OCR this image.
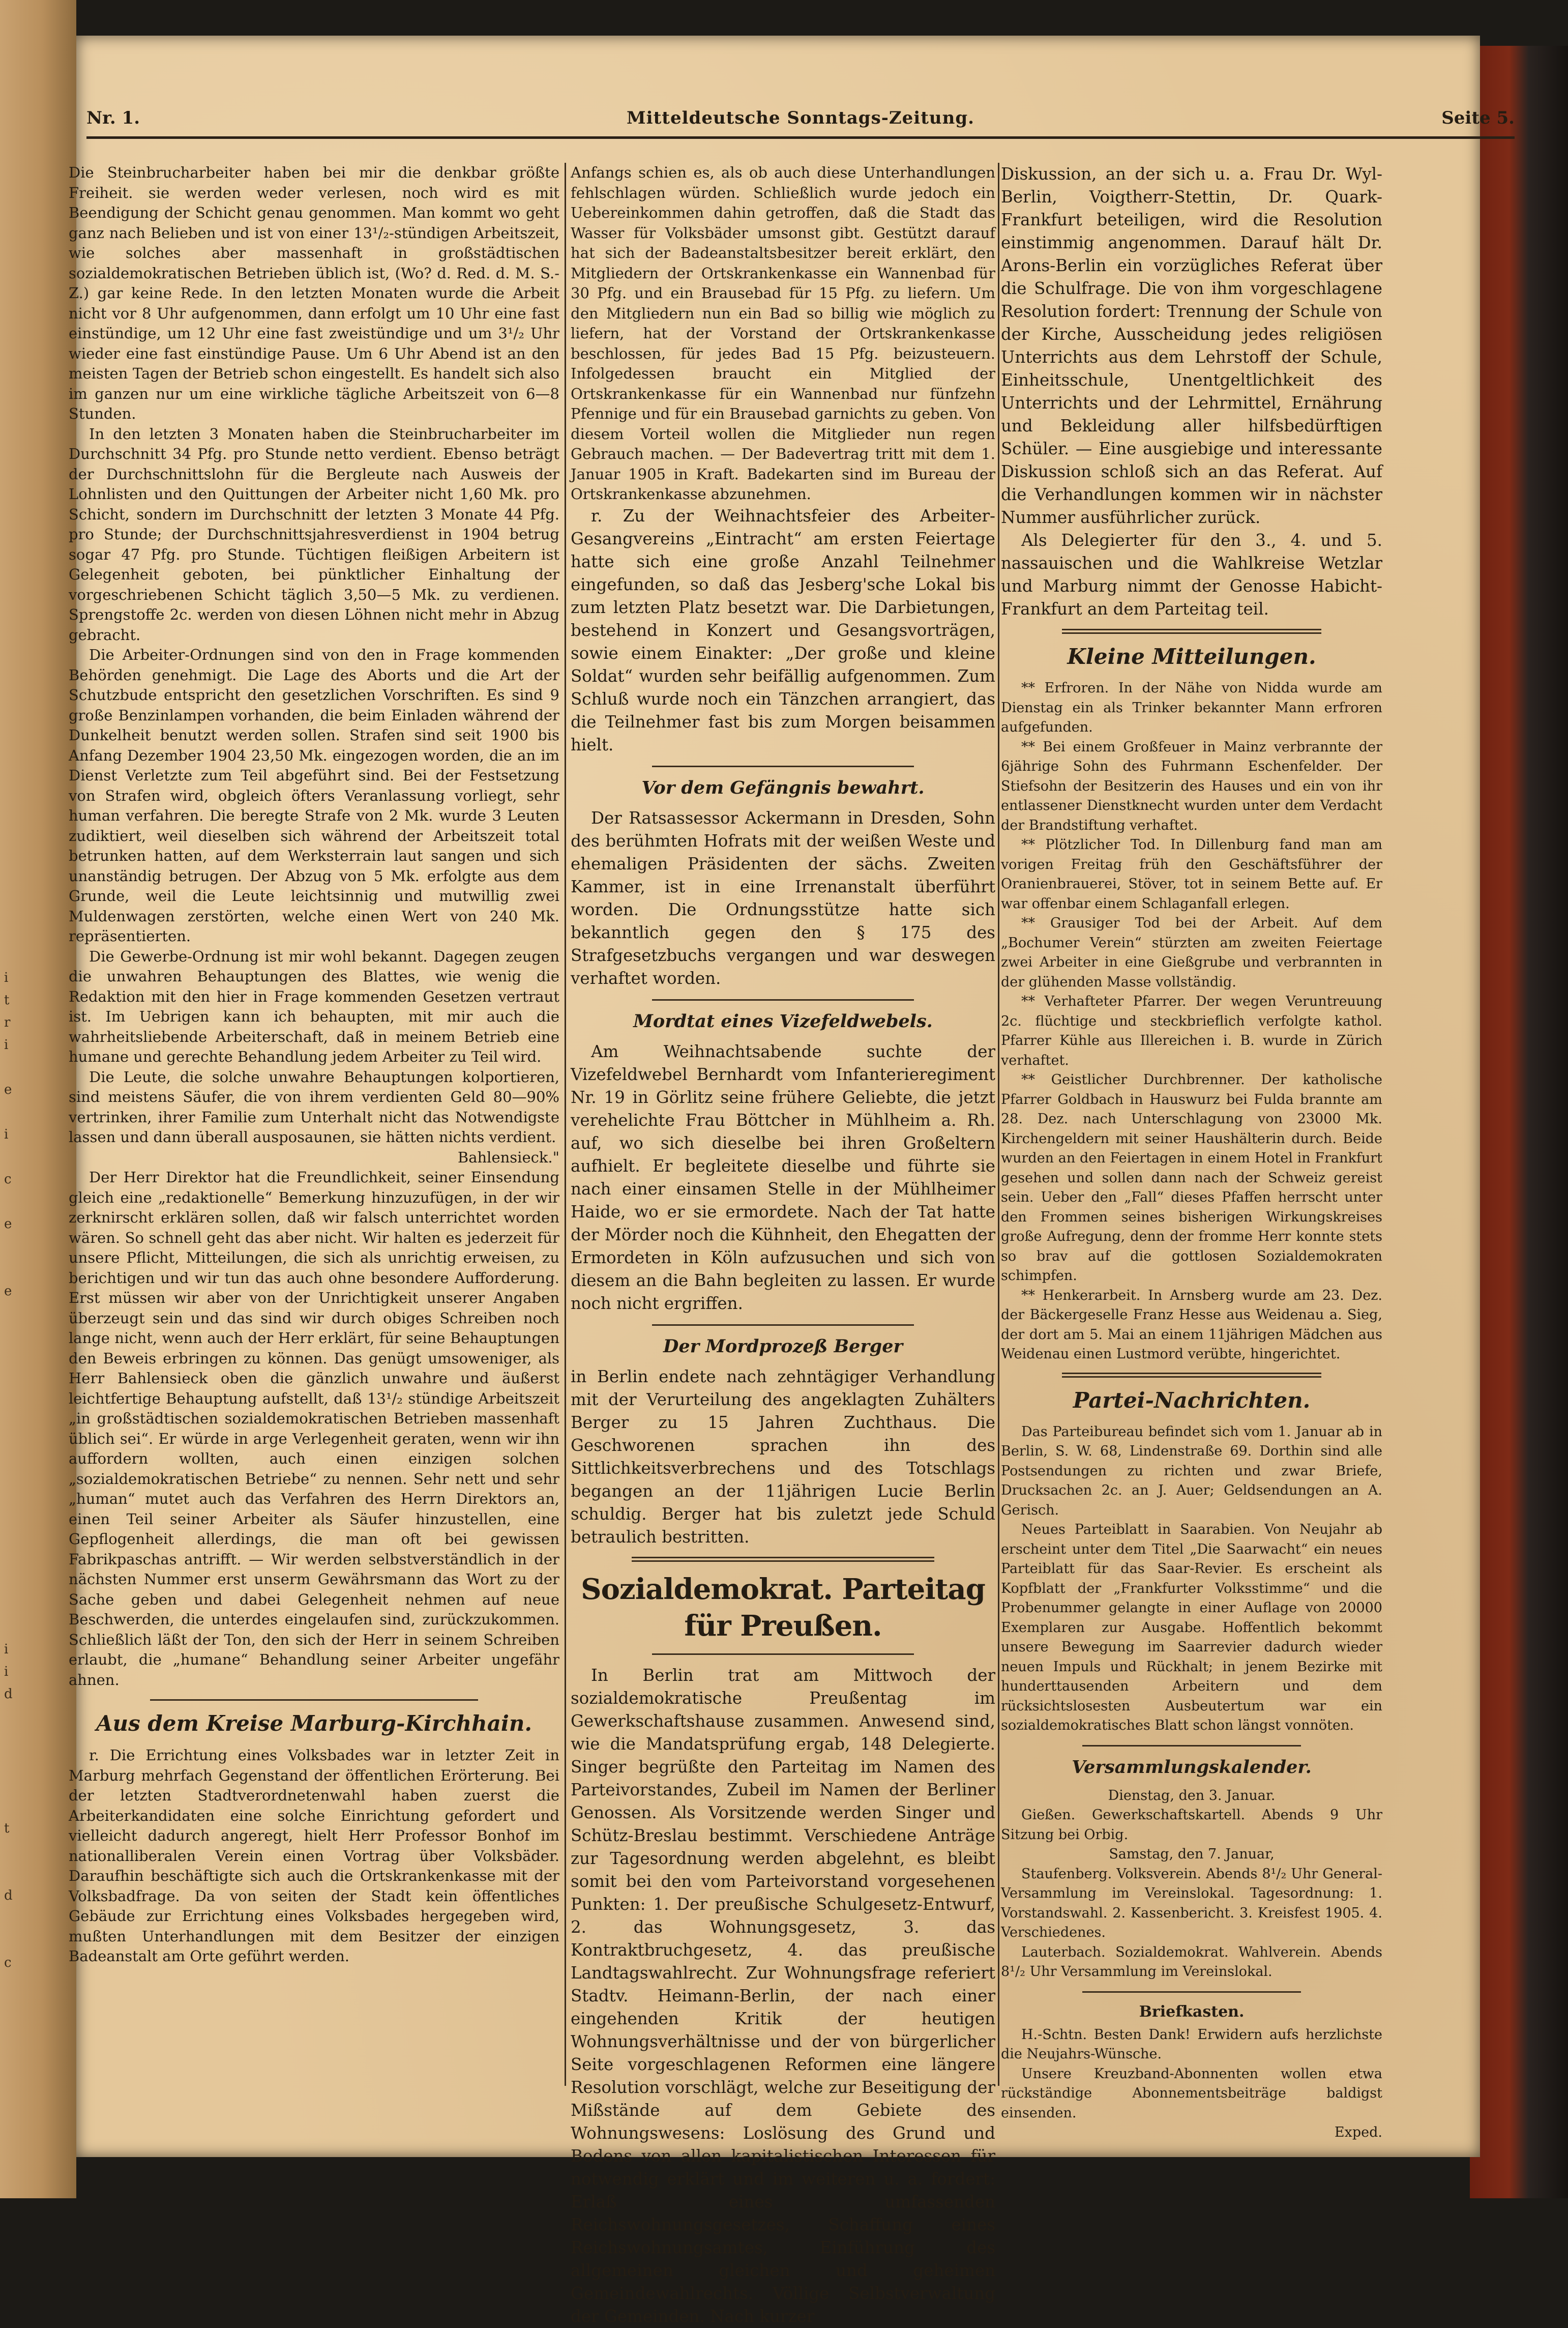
i
t
r
i

e

i

c

e

e

i
i
d

t

d

c
Nr. 1.	Mitteldeutsche Sonntags-Zeitung.	Seite 5.

Die Steinbrucharbeiter haben bei mir die denkbar größte Freiheit. sie werden weder verlesen, noch wird es mit Beendigung der Schicht genau genommen. Man kommt wo geht ganz nach Belieben und ist von einer 13¹/₂-stündigen Arbeitszeit, wie solches aber massenhaft in großstädtischen sozialdemokratischen Betrieben üblich ist, (Wo? d. Red. d. M. S.-Z.) gar keine Rede. In den letzten Monaten wurde die Arbeit nicht vor 8 Uhr aufgenommen, dann erfolgt um 10 Uhr eine fast einstündige, um 12 Uhr eine fast zweistündige und um 3¹/₂ Uhr wieder eine fast einstündige Pause. Um 6 Uhr Abend ist an den meisten Tagen der Betrieb schon eingestellt. Es handelt sich also im ganzen nur um eine wirkliche tägliche Arbeitszeit von 6—8 Stunden.

In den letzten 3 Monaten haben die Steinbrucharbeiter im Durchschnitt 34 Pfg. pro Stunde netto verdient. Ebenso beträgt der Durchschnittslohn für die Bergleute nach Ausweis der Lohnlisten und den Quittungen der Arbeiter nicht 1,60 Mk. pro Schicht, sondern im Durchschnitt der letzten 3 Monate 44 Pfg. pro Stunde; der Durchschnittsjahresverdienst in 1904 betrug sogar 47 Pfg. pro Stunde. Tüchtigen fleißigen Arbeitern ist Gelegenheit geboten, bei pünktlicher Einhaltung der vorgeschriebenen Schicht täglich 3,50—5 Mk. zu verdienen. Sprengstoffe 2c. werden von diesen Löhnen nicht mehr in Abzug gebracht.

Die Arbeiter-Ordnungen sind von den in Frage kommenden Behörden genehmigt. Die Lage des Aborts und die Art der Schutzbude entspricht den gesetzlichen Vorschriften. Es sind 9 große Benzinlampen vorhanden, die beim Einladen während der Dunkelheit benutzt werden sollen. Strafen sind seit 1900 bis Anfang Dezember 1904 23,50 Mk. eingezogen worden, die an im Dienst Verletzte zum Teil abgeführt sind. Bei der Festsetzung von Strafen wird, obgleich öfters Veranlassung vorliegt, sehr human verfahren. Die beregte Strafe von 2 Mk. wurde 3 Leuten zudiktiert, weil dieselben sich während der Arbeitszeit total betrunken hatten, auf dem Werksterrain laut sangen und sich unanständig betrugen. Der Abzug von 5 Mk. erfolgte aus dem Grunde, weil die Leute leichtsinnig und mutwillig zwei Muldenwagen zerstörten, welche einen Wert von 240 Mk. repräsentierten.

Die Gewerbe-Ordnung ist mir wohl bekannt. Dagegen zeugen die unwahren Behauptungen des Blattes, wie wenig die Redaktion mit den hier in Frage kommenden Gesetzen vertraut ist. Im Uebrigen kann ich behaupten, mit mir auch die wahrheitsliebende Arbeiterschaft, daß in meinem Betrieb eine humane und gerechte Behandlung jedem Arbeiter zu Teil wird.

Die Leute, die solche unwahre Behauptungen kolportieren, sind meistens Säufer, die von ihrem verdienten Geld 80—90% vertrinken, ihrer Familie zum Unterhalt nicht das Notwendigste lassen und dann überall ausposaunen, sie hätten nichts verdient.

Bahlensieck."

Der Herr Direktor hat die Freundlichkeit, seiner Einsendung gleich eine „redaktionelle“ Bemerkung hinzuzufügen, in der wir zerknirscht erklären sollen, daß wir falsch unterrichtet worden wären. So schnell geht das aber nicht. Wir halten es jederzeit für unsere Pflicht, Mitteilungen, die sich als unrichtig erweisen, zu berichtigen und wir tun das auch ohne besondere Aufforderung. Erst müssen wir aber von der Unrichtigkeit unserer Angaben überzeugt sein und das sind wir durch obiges Schreiben noch lange nicht, wenn auch der Herr erklärt, für seine Behauptungen den Beweis erbringen zu können. Das genügt umsoweniger, als Herr Bahlensieck oben die gänzlich unwahre und äußerst leichtfertige Behauptung aufstellt, daß 13¹/₂ stündige Arbeitszeit „in großstädtischen sozialdemokratischen Betrieben massenhaft üblich sei“. Er würde in arge Verlegenheit geraten, wenn wir ihn auffordern wollten, auch einen einzigen solchen „sozialdemokratischen Betriebe“ zu nennen. Sehr nett und sehr „human“ mutet auch das Verfahren des Herrn Direktors an, einen Teil seiner Arbeiter als Säufer hinzustellen, eine Gepflogenheit allerdings, die man oft bei gewissen Fabrikpaschas antrifft. — Wir werden selbstverständlich in der nächsten Nummer erst unserm Gewährsmann das Wort zu der Sache geben und dabei Gelegenheit nehmen auf neue Beschwerden, die unterdes eingelaufen sind, zurückzukommen. Schließlich läßt der Ton, den sich der Herr in seinem Schreiben erlaubt, die „humane“ Behandlung seiner Arbeiter ungefähr ahnen.

Aus dem Kreise Marburg-Kirchhain.

r. Die Errichtung eines Volksbades war in letzter Zeit in Marburg mehrfach Gegenstand der öffentlichen Erörterung. Bei der letzten Stadtverordnetenwahl haben zuerst die Arbeiterkandidaten eine solche Einrichtung gefordert und vielleicht dadurch angeregt, hielt Herr Professor Bonhof im nationalliberalen Verein einen Vortrag über Volksbäder. Daraufhin beschäftigte sich auch die Ortskrankenkasse mit der Volksbadfrage. Da von seiten der Stadt kein öffentliches Gebäude zur Errichtung eines Volksbades hergegeben wird, mußten Unterhandlungen mit dem Besitzer der einzigen Badeanstalt am Orte geführt werden.

Anfangs schien es, als ob auch diese Unterhandlungen fehlschlagen würden. Schließlich wurde jedoch ein Uebereinkommen dahin getroffen, daß die Stadt das Wasser für Volksbäder umsonst gibt. Gestützt darauf hat sich der Badeanstaltsbesitzer bereit erklärt, den Mitgliedern der Ortskrankenkasse ein Wannenbad für 30 Pfg. und ein Brausebad für 15 Pfg. zu liefern. Um den Mitgliedern nun ein Bad so billig wie möglich zu liefern, hat der Vorstand der Ortskrankenkasse beschlossen, für jedes Bad 15 Pfg. beizusteuern. Infolgedessen braucht ein Mitglied der Ortskrankenkasse für ein Wannenbad nur fünfzehn Pfennige und für ein Brausebad garnichts zu geben. Von diesem Vorteil wollen die Mitglieder nun regen Gebrauch machen. — Der Badevertrag tritt mit dem 1. Januar 1905 in Kraft. Badekarten sind im Bureau der Ortskrankenkasse abzunehmen.

r. Zu der Weihnachtsfeier des Arbeiter-Gesangvereins „Eintracht“ am ersten Feiertage hatte sich eine große Anzahl Teilnehmer eingefunden, so daß das Jesberg'sche Lokal bis zum letzten Platz besetzt war. Die Darbietungen, bestehend in Konzert und Gesangsvorträgen, sowie einem Einakter: „Der große und kleine Soldat“ wurden sehr beifällig aufgenommen. Zum Schluß wurde noch ein Tänzchen arrangiert, das die Teilnehmer fast bis zum Morgen beisammen hielt.

Vor dem Gefängnis bewahrt.

Der Ratsassessor Ackermann in Dresden, Sohn des berühmten Hofrats mit der weißen Weste und ehemaligen Präsidenten der sächs. Zweiten Kammer, ist in eine Irrenanstalt überführt worden. Die Ordnungsstütze hatte sich bekanntlich gegen den § 175 des Strafgesetzbuchs vergangen und war deswegen verhaftet worden.

Mordtat eines Vizefeldwebels.

Am Weihnachtsabende suchte der Vizefeldwebel Bernhardt vom Infanterieregiment Nr. 19 in Görlitz seine frühere Geliebte, die jetzt verehelichte Frau Böttcher in Mühlheim a. Rh. auf, wo sich dieselbe bei ihren Großeltern aufhielt. Er begleitete dieselbe und führte sie nach einer einsamen Stelle in der Mühlheimer Haide, wo er sie ermordete. Nach der Tat hatte der Mörder noch die Kühnheit, den Ehegatten der Ermordeten in Köln aufzusuchen und sich von diesem an die Bahn begleiten zu lassen. Er wurde noch nicht ergriffen.

Der Mordprozeß Berger

in Berlin endete nach zehntägiger Verhandlung mit der Verurteilung des angeklagten Zuhälters Berger zu 15 Jahren Zuchthaus. Die Geschworenen sprachen ihn des Sittlichkeitsverbrechens und des Totschlags begangen an der 11jährigen Lucie Berlin schuldig. Berger hat bis zuletzt jede Schuld betraulich bestritten.

Sozialdemokrat. Parteitag für Preußen.

In Berlin trat am Mittwoch der sozialdemokratische Preußentag im Gewerkschaftshause zusammen. Anwesend sind, wie die Mandatsprüfung ergab, 148 Delegierte. Singer begrüßte den Parteitag im Namen des Parteivorstandes, Zubeil im Namen der Berliner Genossen. Als Vorsitzende werden Singer und Schütz-Breslau bestimmt. Verschiedene Anträge zur Tagesordnung werden abgelehnt, es bleibt somit bei den vom Parteivorstand vorgesehenen Punkten: 1. Der preußische Schulgesetz-Entwurf, 2. das Wohnungsgesetz, 3. das Kontraktbruchgesetz, 4. das preußische Landtagswahlrecht. Zur Wohnungsfrage referiert Stadtv. Heimann-Berlin, der nach einer eingehenden Kritik der heutigen Wohnungsverhältnisse und der von bürgerlicher Seite vorgeschlagenen Reformen eine längere Resolution vorschlägt, welche zur Beseitigung der Mißstände auf dem Gebiete des Wohnungswesens: Loslösung des Grund und Bodens von allen kapitalistischen Interessen für notwendig erklärt und im weiteren u. a. fordert: Erlaß eines umfassenden Reichswohnungsgesetzes, Schaffung eines Reichswohnungsamtes, Einführung des allgemeinen gleichen und geheimen Gemeindewahlrechts. Völlige Selbstverwaltung der Gemeinden. Nach kurzer

Diskussion, an der sich u. a. Frau Dr. Wyl-Berlin, Voigtherr-Stettin, Dr. Quark-Frankfurt beteiligen, wird die Resolution einstimmig angenommen. Darauf hält Dr. Arons-Berlin ein vorzügliches Referat über die Schulfrage. Die von ihm vorgeschlagene Resolution fordert: Trennung der Schule von der Kirche, Ausscheidung jedes religiösen Unterrichts aus dem Lehrstoff der Schule, Einheitsschule, Unentgeltlichkeit des Unterrichts und der Lehrmittel, Ernährung und Bekleidung aller hilfsbedürftigen Schüler. — Eine ausgiebige und interessante Diskussion schloß sich an das Referat. Auf die Verhandlungen kommen wir in nächster Nummer ausführlicher zurück.

Als Delegierter für den 3., 4. und 5. nassauischen und die Wahlkreise Wetzlar und Marburg nimmt der Genosse Habicht-Frankfurt an dem Parteitag teil.

Kleine Mitteilungen.

** Erfroren. In der Nähe von Nidda wurde am Dienstag ein als Trinker bekannter Mann erfroren aufgefunden.

** Bei einem Großfeuer in Mainz verbrannte der 6jährige Sohn des Fuhrmann Eschenfelder. Der Stiefsohn der Besitzerin des Hauses und ein von ihr entlassener Dienstknecht wurden unter dem Verdacht der Brandstiftung verhaftet.

** Plötzlicher Tod. In Dillenburg fand man am vorigen Freitag früh den Geschäftsführer der Oranienbrauerei, Stöver, tot in seinem Bette auf. Er war offenbar einem Schlaganfall erlegen.

** Grausiger Tod bei der Arbeit. Auf dem „Bochumer Verein“ stürzten am zweiten Feiertage zwei Arbeiter in eine Gießgrube und verbrannten in der glühenden Masse vollständig.

** Verhafteter Pfarrer. Der wegen Veruntreuung 2c. flüchtige und steckbrieflich verfolgte kathol. Pfarrer Kühle aus Illereichen i. B. wurde in Zürich verhaftet.

** Geistlicher Durchbrenner. Der katholische Pfarrer Goldbach in Hauswurz bei Fulda brannte am 28. Dez. nach Unterschlagung von 23000 Mk. Kirchengeldern mit seiner Haushälterin durch. Beide wurden an den Feiertagen in einem Hotel in Frankfurt gesehen und sollen dann nach der Schweiz gereist sein. Ueber den „Fall“ dieses Pfaffen herrscht unter den Frommen seines bisherigen Wirkungskreises große Aufregung, denn der fromme Herr konnte stets so brav auf die gottlosen Sozialdemokraten schimpfen.

** Henkerarbeit. In Arnsberg wurde am 23. Dez. der Bäckergeselle Franz Hesse aus Weidenau a. Sieg, der dort am 5. Mai an einem 11jährigen Mädchen aus Weidenau einen Lustmord verübte, hingerichtet.

Partei-Nachrichten.

Das Parteibureau befindet sich vom 1. Januar ab in Berlin, S. W. 68, Lindenstraße 69. Dorthin sind alle Postsendungen zu richten und zwar Briefe, Drucksachen 2c. an J. Auer; Geldsendungen an A. Gerisch.

Neues Parteiblatt in Saarabien. Von Neujahr ab erscheint unter dem Titel „Die Saarwacht“ ein neues Parteiblatt für das Saar-Revier. Es erscheint als Kopfblatt der „Frankfurter Volksstimme“ und die Probenummer gelangte in einer Auflage von 20000 Exemplaren zur Ausgabe. Hoffentlich bekommt unsere Bewegung im Saarrevier dadurch wieder neuen Impuls und Rückhalt; in jenem Bezirke mit hunderttausenden Arbeitern und dem rücksichtslosesten Ausbeutertum war ein sozialdemokratisches Blatt schon längst vonnöten.

Versammlungskalender.

Dienstag, den 3. Januar.

Gießen. Gewerkschaftskartell. Abends 9 Uhr Sitzung bei Orbig.

Samstag, den 7. Januar,

Staufenberg. Volksverein. Abends 8¹/₂ Uhr General-Versammlung im Vereinslokal. Tagesordnung: 1. Vorstandswahl. 2. Kassenbericht. 3. Kreisfest 1905. 4. Verschiedenes.

Lauterbach. Sozialdemokrat. Wahlverein. Abends 8¹/₂ Uhr Versammlung im Vereinslokal.

Briefkasten.

H.-Schtn. Besten Dank! Erwidern aufs herzlichste die Neujahrs-Wünsche.

Unsere Kreuzband-Abonnenten wollen etwa rückständige Abonnementsbeiträge baldigst einsenden.

Exped.
